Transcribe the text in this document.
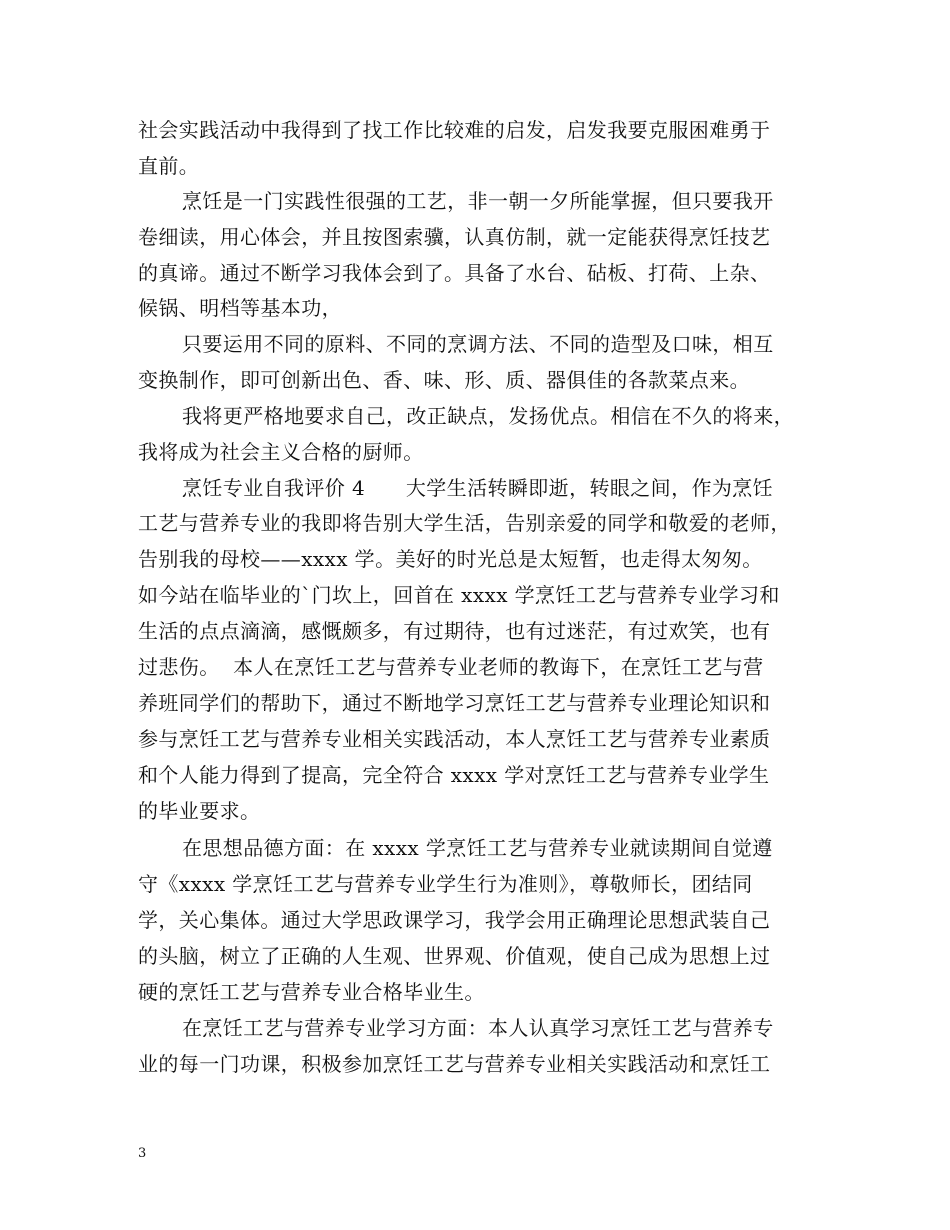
社会实践活动中我得到了找工作比较难的启发，启发我要克服困难勇于
直前。
烹饪是一门实践性很强的工艺，非一朝一夕所能掌握，但只要我开
卷细读，用心体会，并且按图索骥，认真仿制，就一定能获得烹饪技艺
的真谛。通过不断学习我体会到了。具备了水台、砧板、打荷、上杂、
候锅、明档等基本功，
只要运用不同的原料、不同的烹调方法、不同的造型及口味，相互
变换制作，即可创新出色、香、味、形、质、器俱佳的各款菜点来。
我将更严格地要求自己，改正缺点，发扬优点。相信在不久的将来，
我将成为社会主义合格的厨师。
烹饪专业自我评价 4　　大学生活转瞬即逝，转眼之间，作为烹饪
工艺与营养专业的我即将告别大学生活，告别亲爱的同学和敬爱的老师，
告别我的母校——xxxx 学。美好的时光总是太短暂，也走得太匆匆。
如今站在临毕业的`门坎上，回首在 xxxx 学烹饪工艺与营养专业学习和
生活的点点滴滴，感慨颇多，有过期待，也有过迷茫，有过欢笑，也有
过悲伤。  本人在烹饪工艺与营养专业老师的教诲下，在烹饪工艺与营
养班同学们的帮助下，通过不断地学习烹饪工艺与营养专业理论知识和
参与烹饪工艺与营养专业相关实践活动，本人烹饪工艺与营养专业素质
和个人能力得到了提高，完全符合 xxxx 学对烹饪工艺与营养专业学生
的毕业要求。
在思想品德方面：在 xxxx 学烹饪工艺与营养专业就读期间自觉遵
守《xxxx 学烹饪工艺与营养专业学生行为准则》，尊敬师长，团结同
学，关心集体。通过大学思政课学习，我学会用正确理论思想武装自己
的头脑，树立了正确的人生观、世界观、价值观，使自己成为思想上过
硬的烹饪工艺与营养专业合格毕业生。
在烹饪工艺与营养专业学习方面：本人认真学习烹饪工艺与营养专
业的每一门功课，积极参加烹饪工艺与营养专业相关实践活动和烹饪工
3
